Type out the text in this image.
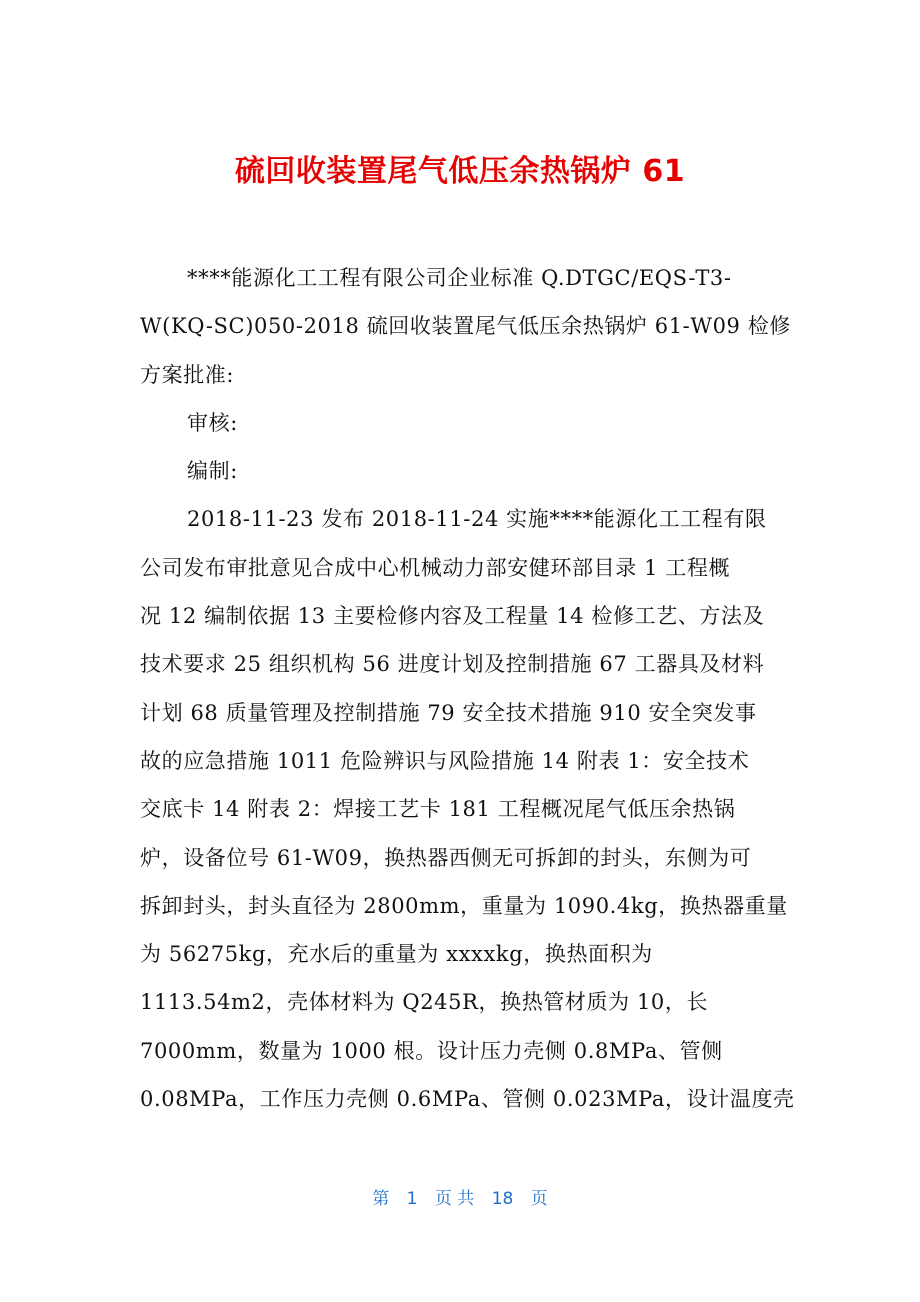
硫回收装置尾气低压余热锅炉 61
****能源化工工程有限公司企业标准 Q.DTGC/EQS-T3-
W(KQ-SC)050-2018 硫回收装置尾气低压余热锅炉 61-W09 检修
方案批准:
审核:
编制:
2018-11-23 发布 2018-11-24 实施****能源化工工程有限
公司发布审批意见合成中心机械动力部安健环部目录 1 工程概
况 12 编制依据 13 主要检修内容及工程量 14 检修工艺、方法及
技术要求 25 组织机构 56 进度计划及控制措施 67 工器具及材料
计划 68 质量管理及控制措施 79 安全技术措施 910 安全突发事
故的应急措施 1011 危险辨识与风险措施 14 附表 1：安全技术
交底卡 14 附表 2：焊接工艺卡 181 工程概况尾气低压余热锅
炉，设备位号 61-W09，换热器西侧无可拆卸的封头，东侧为可
拆卸封头，封头直径为 2800mm，重量为 1090.4kg，换热器重量
为 56275kg，充水后的重量为 xxxxkg，换热面积为
1113.54m2，壳体材料为 Q245R，换热管材质为 10，长
7000mm，数量为 1000 根。设计压力壳侧 0.8MPa、管侧
0.08MPa，工作压力壳侧 0.6MPa、管侧 0.023MPa，设计温度壳
第 1 页 共 18 页
